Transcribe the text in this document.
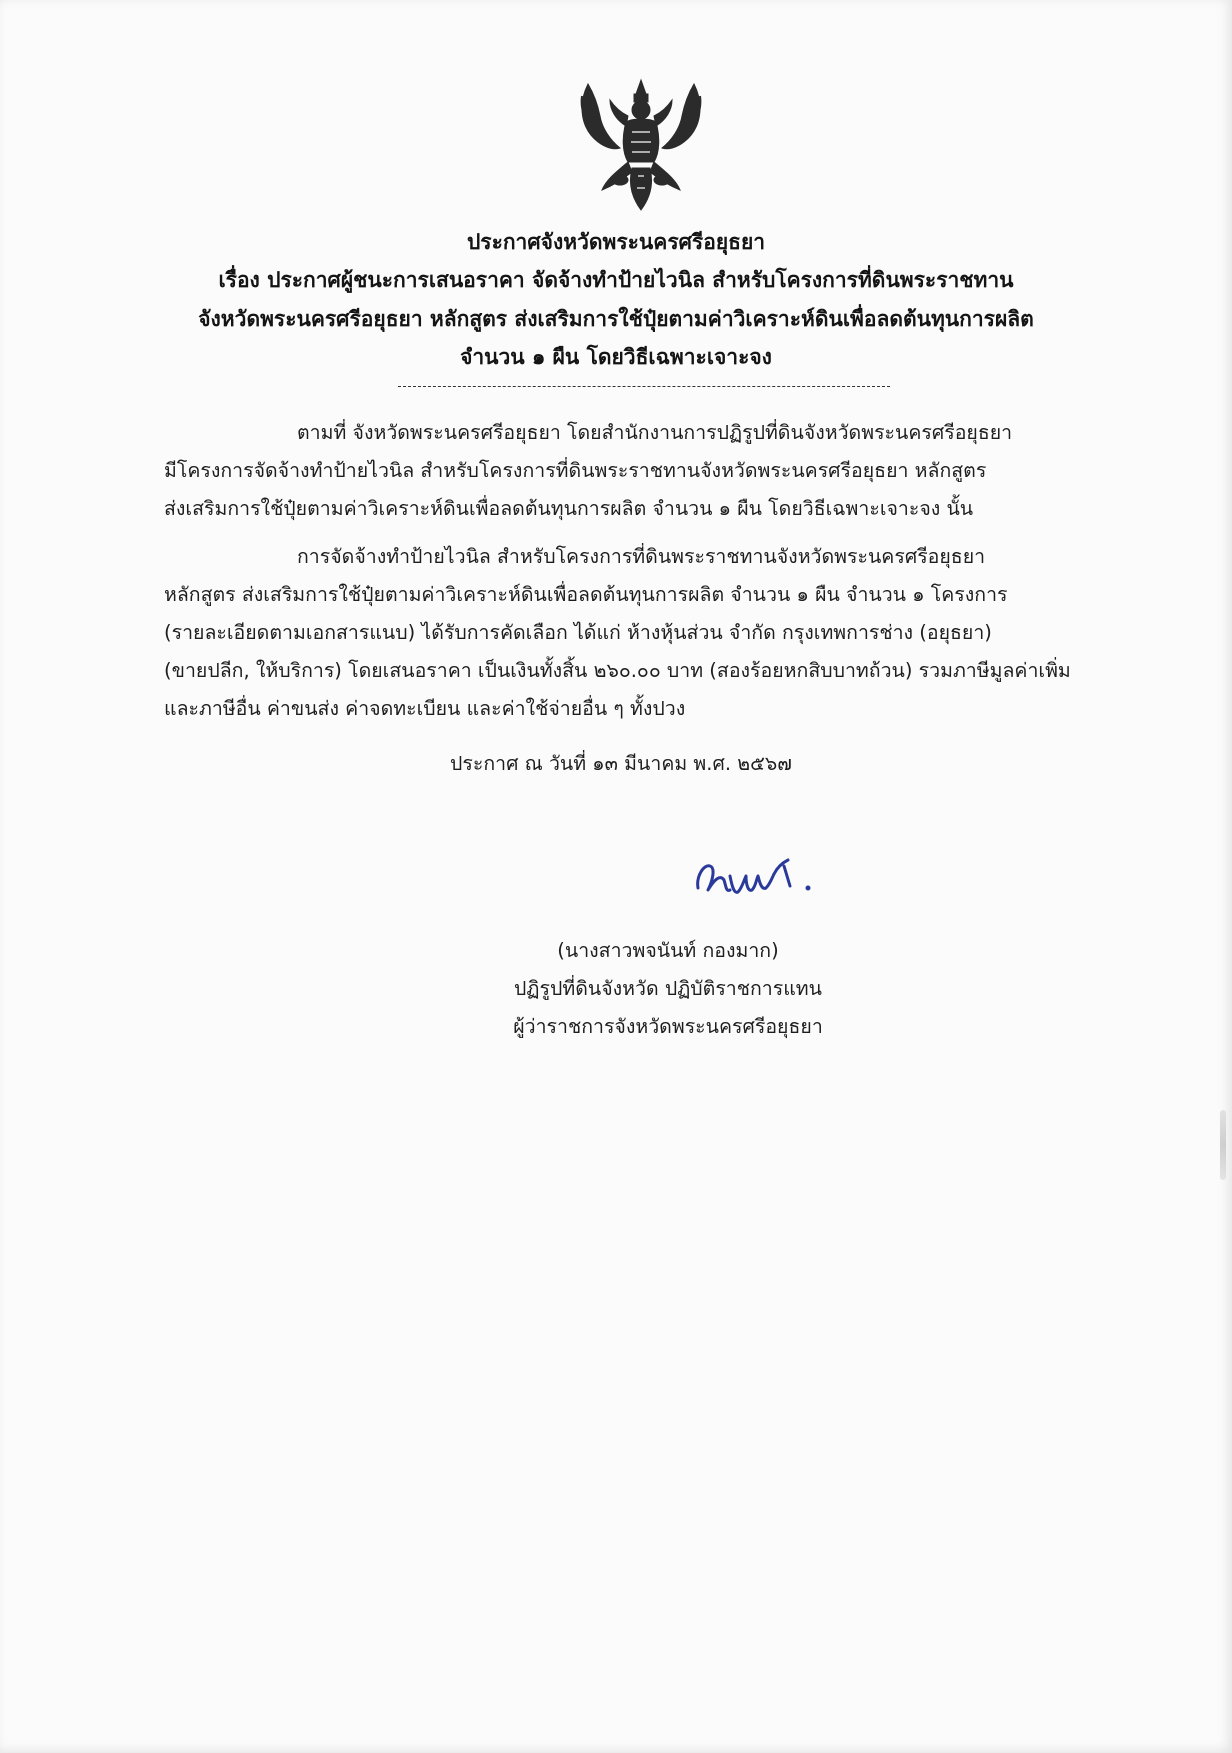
ประกาศจังหวัดพระนครศรีอยุธยา
เรื่อง ประกาศผู้ชนะการเสนอราคา จัดจ้างทำป้ายไวนิล สำหรับโครงการที่ดินพระราชทาน
จังหวัดพระนครศรีอยุธยา หลักสูตร ส่งเสริมการใช้ปุ๋ยตามค่าวิเคราะห์ดินเพื่อลดต้นทุนการผลิต
จำนวน ๑ ผืน โดยวิธีเฉพาะเจาะจง
ตามที่ จังหวัดพระนครศรีอยุธยา โดยสำนักงานการปฏิรูปที่ดินจังหวัดพระนครศรีอยุธยา
มีโครงการจัดจ้างทำป้ายไวนิล สำหรับโครงการที่ดินพระราชทานจังหวัดพระนครศรีอยุธยา หลักสูตร
ส่งเสริมการใช้ปุ๋ยตามค่าวิเคราะห์ดินเพื่อลดต้นทุนการผลิต จำนวน ๑ ผืน โดยวิธีเฉพาะเจาะจง นั้น
การจัดจ้างทำป้ายไวนิล สำหรับโครงการที่ดินพระราชทานจังหวัดพระนครศรีอยุธยา
หลักสูตร ส่งเสริมการใช้ปุ๋ยตามค่าวิเคราะห์ดินเพื่อลดต้นทุนการผลิต จำนวน ๑ ผืน จำนวน ๑ โครงการ
(รายละเอียดตามเอกสารแนบ) ได้รับการคัดเลือก ได้แก่ ห้างหุ้นส่วน จำกัด กรุงเทพการช่าง (อยุธยา)
(ขายปลีก, ให้บริการ) โดยเสนอราคา เป็นเงินทั้งสิ้น ๒๖๐.๐๐ บาท (สองร้อยหกสิบบาทถ้วน) รวมภาษีมูลค่าเพิ่ม
และภาษีอื่น ค่าขนส่ง ค่าจดทะเบียน และค่าใช้จ่ายอื่น ๆ ทั้งปวง
ประกาศ ณ วันที่ ๑๓ มีนาคม พ.ศ. ๒๕๖๗
(นางสาวพจนันท์ กองมาก)
ปฏิรูปที่ดินจังหวัด ปฏิบัติราชการแทน
ผู้ว่าราชการจังหวัดพระนครศรีอยุธยา
